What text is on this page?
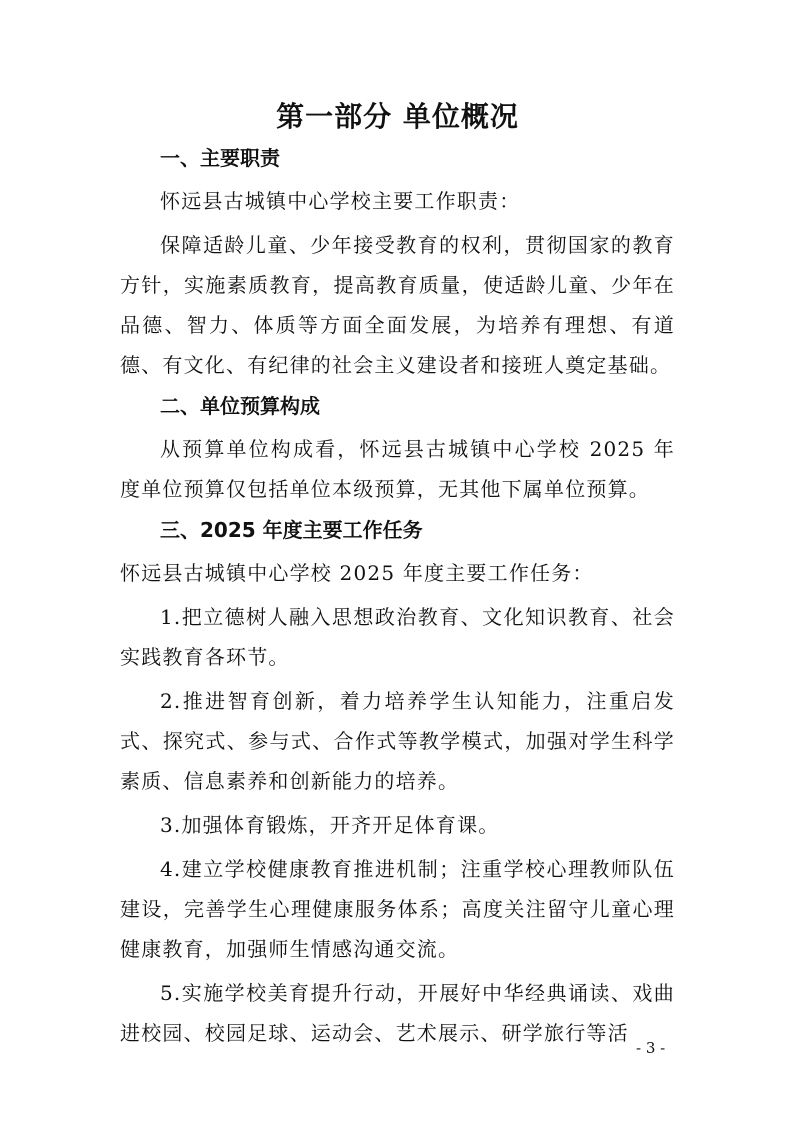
第一部分 单位概况
一、主要职责

怀远县古城镇中心学校主要工作职责：

保障适龄儿童、少年接受教育的权利，贯彻国家的教育方针，实施素质教育，提高教育质量，使适龄儿童、少年在品德、智力、体质等方面全面发展，为培养有理想、有道德、有文化、有纪律的社会主义建设者和接班人奠定基础。

二、单位预算构成

从预算单位构成看，怀远县古城镇中心学校 2025 年度单位预算仅包括单位本级预算，无其他下属单位预算。

三、2025 年度主要工作任务

怀远县古城镇中心学校 2025 年度主要工作任务：

1.把立德树人融入思想政治教育、文化知识教育、社会实践教育各环节。

2.推进智育创新，着力培养学生认知能力，注重启发式、探究式、参与式、合作式等教学模式，加强对学生科学素质、信息素养和创新能力的培养。

3.加强体育锻炼，开齐开足体育课。

4.建立学校健康教育推进机制；注重学校心理教师队伍建设，完善学生心理健康服务体系；高度关注留守儿童心理健康教育，加强师生情感沟通交流。

5.实施学校美育提升行动，开展好中华经典诵读、戏曲进校园、校园足球、运动会、艺术展示、研学旅行等活

- 3 -
